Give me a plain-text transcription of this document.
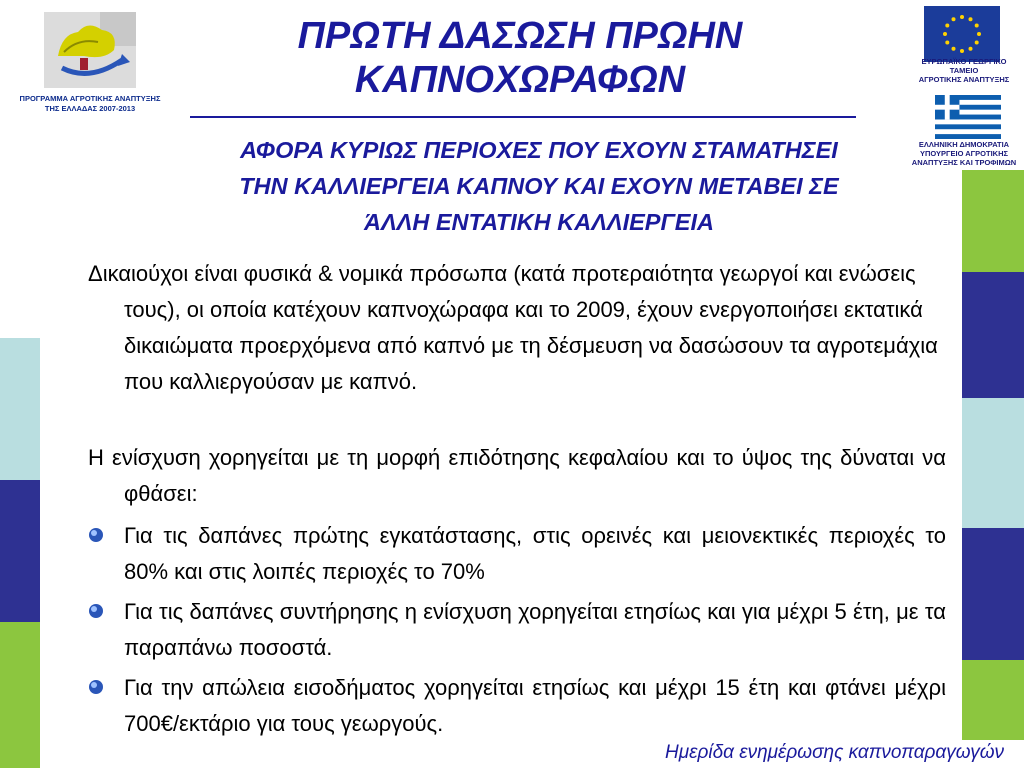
ΠΡΟΓΡΑΜΜΑ ΑΓΡΟΤΙΚΗΣ ΑΝΑΠΤΥΞΗΣ
ΤΗΣ ΕΛΛΑΔΑΣ 2007-2013
ΠΡΩΤΗ ΔΑΣΩΣΗ ΠΡΩΗΝ
ΚΑΠΝΟΧΩΡΑΦΩΝ	ΕΥΡΩΠΑΪΚΟ ΓΕΩΡΓΙΚΟ
ΤΑΜΕΙΟ
ΑΓΡΟΤΙΚΗΣ ΑΝΑΠΤΥΞΗΣ
ΕΛΛΗΝΙΚΗ ΔΗΜΟΚΡΑΤΙΑ
ΥΠΟΥΡΓΕΙΟ ΑΓΡΟΤΙΚΗΣ
ΑΝΑΠΤΥΞΗΣ ΚΑΙ ΤΡΟΦΙΜΩΝ
ΑΦΟΡΑ ΚΥΡΙΩΣ ΠΕΡΙΟΧΕΣ ΠΟΥ ΕΧΟΥΝ ΣΤΑΜΑΤΗΣΕΙ
ΤΗΝ ΚΑΛΛΙΕΡΓΕΙΑ ΚΑΠΝΟΥ ΚΑΙ ΕΧΟΥΝ ΜΕΤΑΒΕΙ ΣΕ
ΆΛΛΗ ΕΝΤΑΤΙΚΗ ΚΑΛΛΙΕΡΓΕΙΑ
Δικαιούχοι είναι φυσικά & νομικά πρόσωπα (κατά προτεραιότητα γεωργοί και ενώσεις τους), οι οποία κατέχουν καπνοχώραφα και το 2009, έχουν ενεργοποιήσει εκτατικά δικαιώματα προερχόμενα από καπνό με τη δέσμευση να δασώσουν τα αγροτεμάχια που καλλιεργούσαν με καπνό.
Η ενίσχυση χορηγείται με τη μορφή επιδότησης κεφαλαίου και το ύψος της δύναται να φθάσει:
Για τις δαπάνες πρώτης εγκατάστασης, στις ορεινές και μειονεκτικές περιοχές το 80% και στις λοιπές περιοχές το 70%
Για τις δαπάνες συντήρησης η ενίσχυση χορηγείται ετησίως και για μέχρι 5 έτη, με τα παραπάνω ποσοστά.
Για την απώλεια εισοδήματος χορηγείται ετησίως και μέχρι 15 έτη και φτάνει μέχρι 700€/εκτάριο για τους γεωργούς.
Ημερίδα ενημέρωσης καπνοπαραγωγών
